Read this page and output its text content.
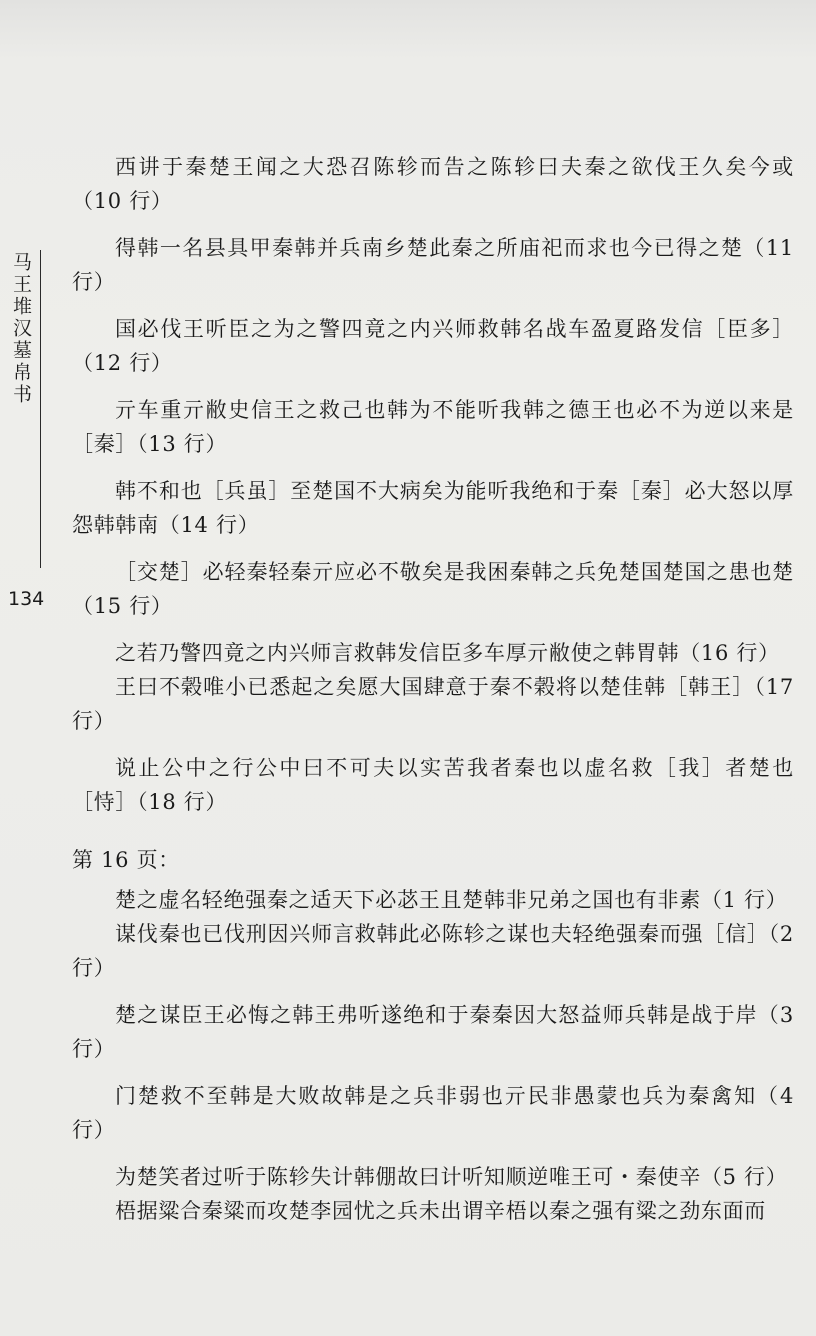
马王堆汉墓帛书
134

西讲于秦楚王闻之大恐召陈轸而告之陈轸曰夫秦之欲伐王久矣今或（10 行）

得韩一名县具甲秦韩并兵南乡楚此秦之所庙祀而求也今已得之楚（11 行）

国必伐王听臣之为之警四竟之内兴师救韩名战车盈夏路发信［臣多］（12 行）

亓车重亓敝史信王之救己也韩为不能听我韩之德王也必不为逆以来是［秦］（13 行）

韩不和也［兵虽］至楚国不大病矣为能听我绝和于秦［秦］必大怒以厚怨韩韩南（14 行）

［交楚］必轻秦轻秦亓应必不敬矣是我困秦韩之兵免楚国楚国之患也楚（15 行）

之若乃警四竟之内兴师言救韩发信臣多车厚亓敝使之韩胃韩（16 行）

王曰不榖唯小已悉起之矣愿大国肆意于秦不榖将以楚佳韩［韩王］（17 行）

说止公中之行公中曰不可夫以实苦我者秦也以虚名救［我］者楚也［恃］（18 行）

第 16 页：

楚之虚名轻绝强秦之适天下必苾王且楚韩非兄弟之国也有非素（1 行）

谋伐秦也已伐刑因兴师言救韩此必陈轸之谋也夫轻绝强秦而强［信］（2 行）

楚之谋臣王必悔之韩王弗听遂绝和于秦秦因大怒益师兵韩是战于岸（3 行）

门楚救不至韩是大败故韩是之兵非弱也亓民非愚蒙也兵为秦禽知（4 行）

为楚笑者过听于陈轸失计韩倗故曰计听知顺逆唯王可・秦使辛（5 行）

梧据粱合秦粱而攻楚李园忧之兵未出谓辛梧以秦之强有粱之劲东面而
